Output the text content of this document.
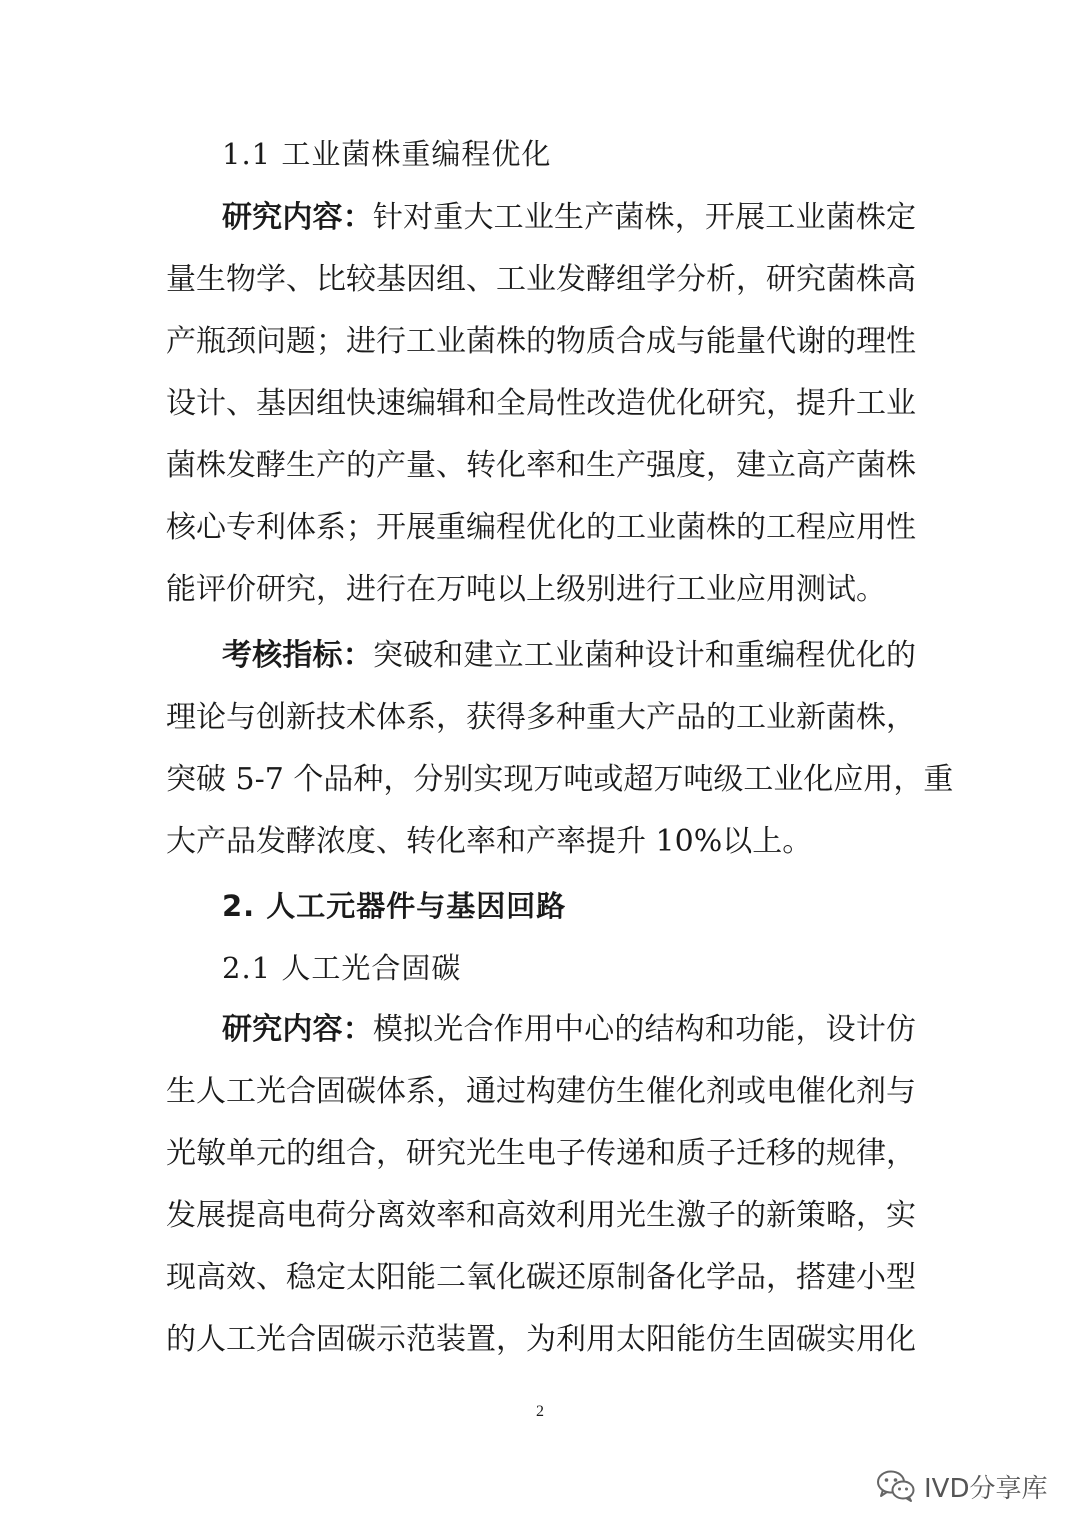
1.1 工业菌株重编程优化
研究内容：针对重大工业生产菌株，开展工业菌株定
量生物学、比较基因组、工业发酵组学分析，研究菌株高
产瓶颈问题；进行工业菌株的物质合成与能量代谢的理性
设计、基因组快速编辑和全局性改造优化研究，提升工业
菌株发酵生产的产量、转化率和生产强度，建立高产菌株
核心专利体系；开展重编程优化的工业菌株的工程应用性
能评价研究，进行在万吨以上级别进行工业应用测试。
考核指标：突破和建立工业菌种设计和重编程优化的
理论与创新技术体系，获得多种重大产品的工业新菌株，
突破 5-7 个品种，分别实现万吨或超万吨级工业化应用，重
大产品发酵浓度、转化率和产率提升 10%以上。
2. 人工元器件与基因回路
2.1 人工光合固碳
研究内容：模拟光合作用中心的结构和功能，设计仿
生人工光合固碳体系，通过构建仿生催化剂或电催化剂与
光敏单元的组合，研究光生电子传递和质子迁移的规律，
发展提高电荷分离效率和高效利用光生激子的新策略，实
现高效、稳定太阳能二氧化碳还原制备化学品，搭建小型
的人工光合固碳示范装置，为利用太阳能仿生固碳实用化
2
IVD分享库
